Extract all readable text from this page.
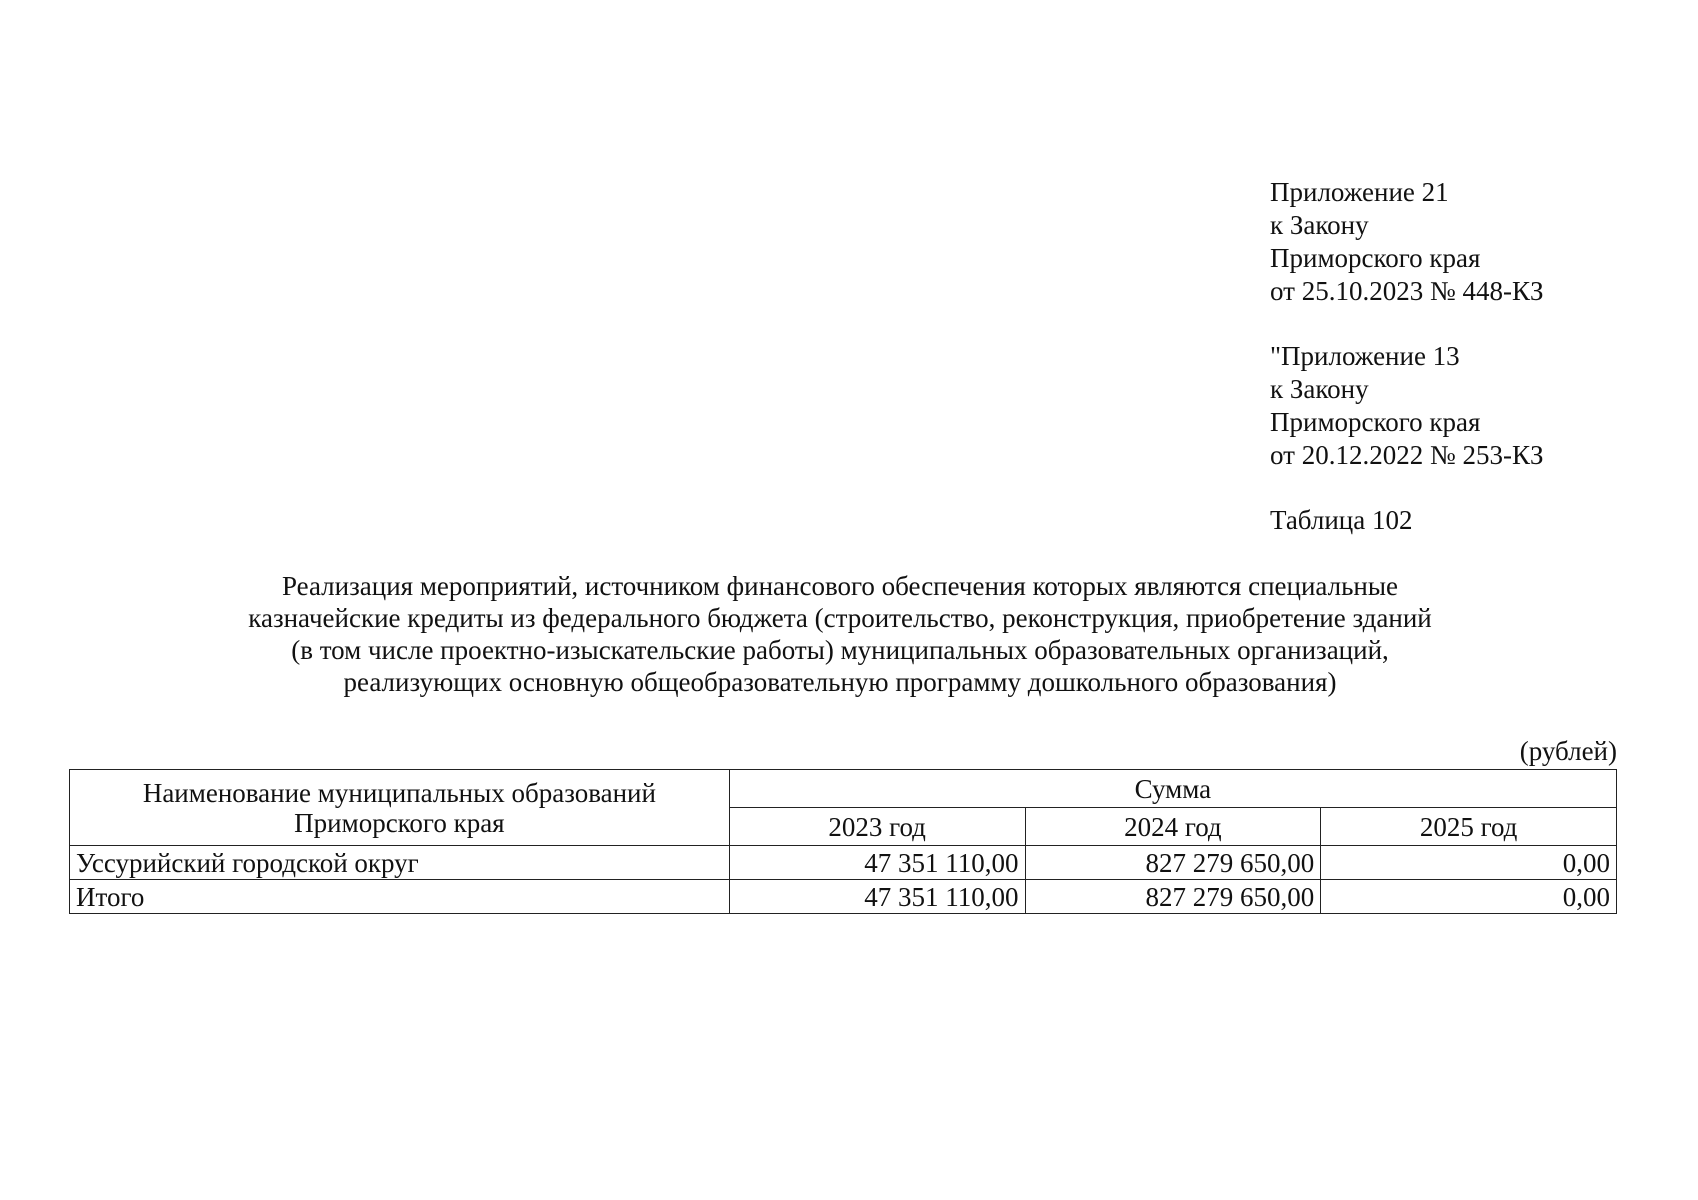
Приложение 21
к Закону
Приморского края
от 25.10.2023 № 448-КЗ
"Приложение 13
к Закону
Приморского края
от 20.12.2022 № 253-КЗ
Таблица 102
Реализация мероприятий, источником финансового обеспечения которых являются специальные
казначейские кредиты из федерального бюджета (строительство, реконструкция, приобретение зданий
(в том числе проектно-изыскательские работы) муниципальных образовательных организаций,
реализующих основную общеобразовательную программу дошкольного образования)
(рублей)
Наименование муниципальных образований
Приморского края	Сумма		
	2023 год	2024 год	2025 год
Уссурийский городской округ	47 351 110,00	827 279 650,00	0,00
Итого	47 351 110,00	827 279 650,00	0,00
